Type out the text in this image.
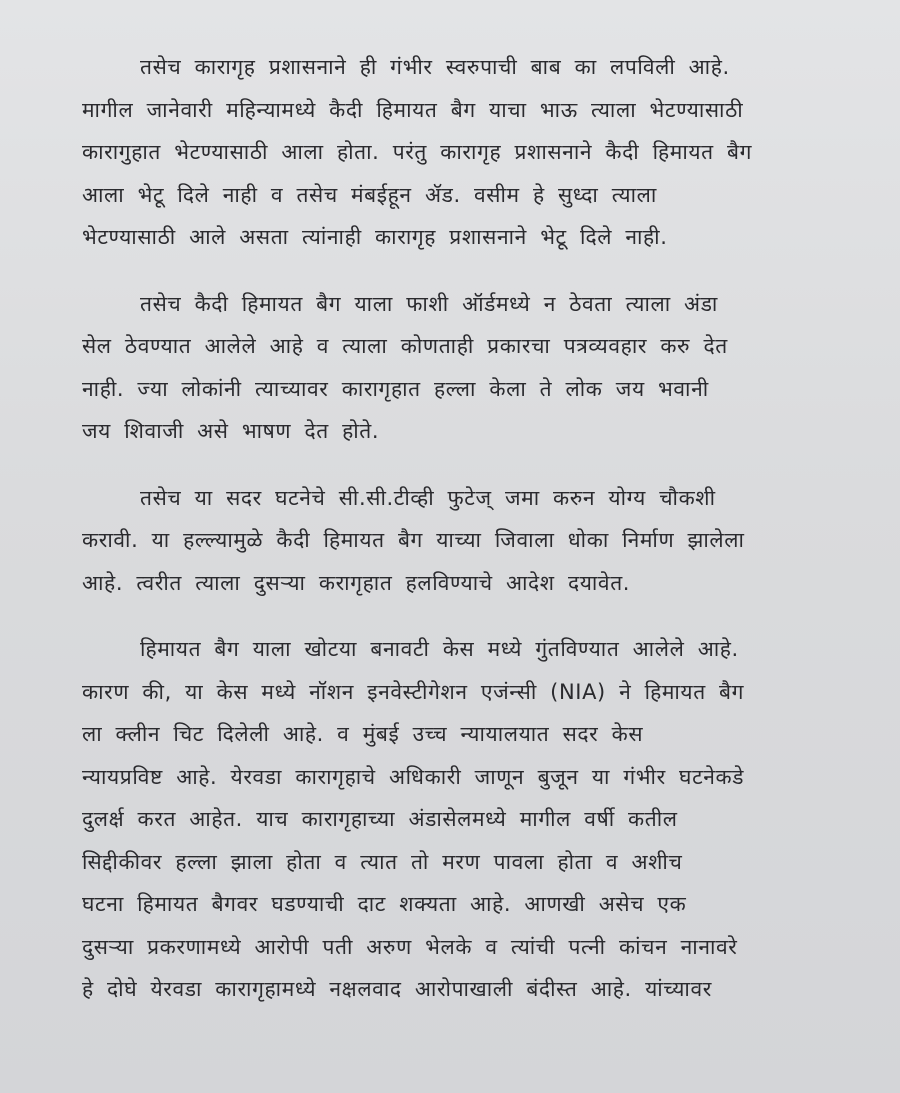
तसेच कारागृह प्रशासनाने ही गंभीर स्वरुपाची बाब का लपविली आहे.
मागील जानेवारी महिन्यामध्ये कैदी हिमायत बैग याचा भाऊ त्याला भेटण्यासाठी
कारागुहात भेटण्यासाठी आला होता. परंतु कारागृह प्रशासनाने कैदी हिमायत बैग
आला भेटू दिले नाही व तसेच मंबईहून ॲड. वसीम हे सुध्दा त्याला
भेटण्यासाठी आले असता त्यांनाही कारागृह प्रशासनाने भेटू दिले नाही.

तसेच कैदी हिमायत बैग याला फाशी ऑर्डमध्ये न ठेवता त्याला अंडा
सेल ठेवण्यात आलेले आहे व त्याला कोणताही प्रकारचा पत्रव्यवहार करु देत
नाही. ज्या लोकांनी त्याच्यावर कारागृहात हल्ला केला ते लोक जय भवानी
जय शिवाजी असे भाषण देत होते.

तसेच या सदर घटनेचे सी.सी.टीव्ही फुटेज् जमा करुन योग्य चौकशी
करावी. या हल्ल्यामुळे कैदी हिमायत बैग याच्या जिवाला धोका निर्माण झालेला
आहे. त्वरीत त्याला दुसऱ्या करागृहात हलविण्याचे आदेश दयावेत.

हिमायत बैग याला खोटया बनावटी केस मध्ये गुंतविण्यात आलेले आहे.
कारण की, या केस मध्ये नॉशन इनवेस्टीगेशन एजंन्सी (NIA) ने हिमायत बैग
ला क्लीन चिट दिलेली आहे. व मुंबई उच्च न्यायालयात सदर केस
न्यायप्रविष्ट आहे. येरवडा कारागृहाचे अधिकारी जाणून बुजून या गंभीर घटनेकडे
दुलर्क्ष करत आहेत. याच कारागृहाच्या अंडासेलमध्ये मागील वर्षी कतील
सिद्दीकीवर हल्ला झाला होता व त्यात तो मरण पावला होता व अशीच
घटना हिमायत बैगवर घडण्याची दाट शक्यता आहे. आणखी असेच एक
दुसऱ्या प्रकरणामध्ये आरोपी पती अरुण भेलके व त्यांची पत्नी कांचन नानावरे
हे दोघे येरवडा कारागृहामध्ये नक्षलवाद आरोपाखाली बंदीस्त आहे. यांच्यावर
